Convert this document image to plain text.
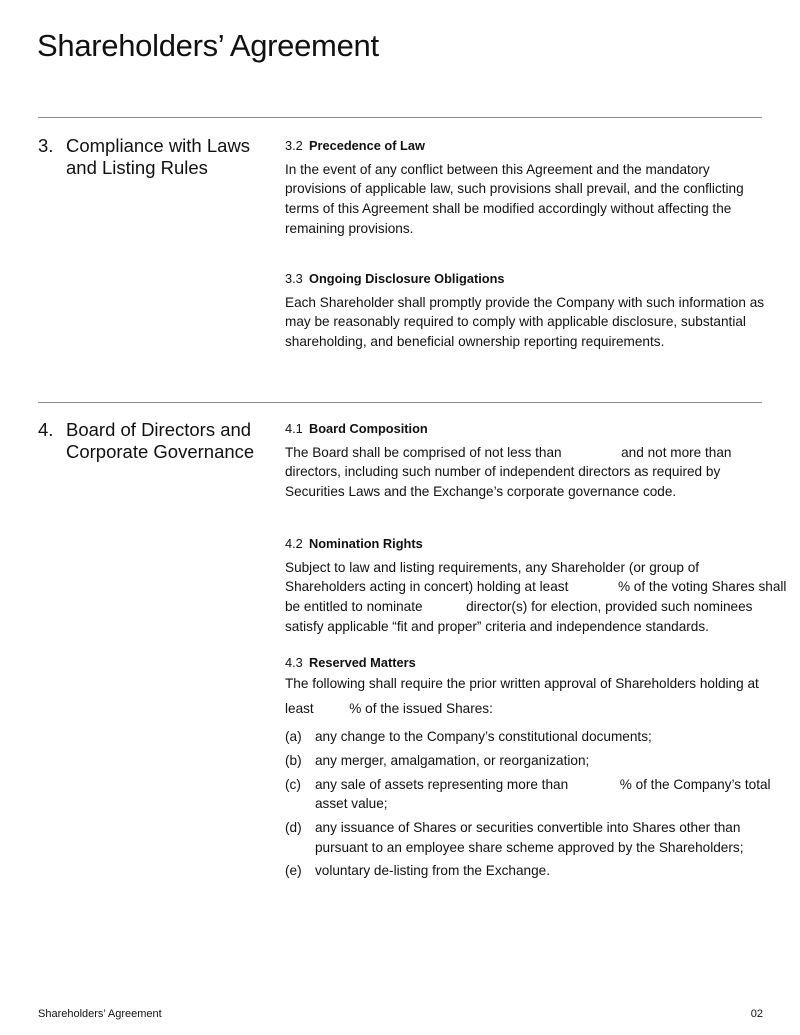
Shareholders’ Agreement
3. Compliance with Laws
and Listing Rules
3.2 Precedence of Law
In the event of any conflict between this Agreement and the mandatory
provisions of applicable law, such provisions shall prevail, and the conflicting
terms of this Agreement shall be modified accordingly without affecting the
remaining provisions.
3.3 Ongoing Disclosure Obligations
Each Shareholder shall promptly provide the Company with such information as
may be reasonably required to comply with applicable disclosure, substantial
shareholding, and beneficial ownership reporting requirements.
4. Board of Directors and
Corporate Governance
4.1 Board Composition
The Board shall be comprised of not less than	and not more than
directors, including such number of independent directors as required by
Securities Laws and the Exchange’s corporate governance code.
4.2 Nomination Rights
Subject to law and listing requirements, any Shareholder (or group of
Shareholders acting in concert) holding at least	% of the voting Shares shall
be entitled to nominate	director(s) for election, provided such nominees
satisfy applicable “fit and proper” criteria and independence standards.
4.3 Reserved Matters
The following shall require the prior written approval of Shareholders holding at
least	% of the issued Shares:
(a) any change to the Company’s constitutional documents;
(b) any merger, amalgamation, or reorganization;
(c)	any sale of assets representing more than	% of the Company’s total
asset value;
(d) any issuance of Shares or securities convertible into Shares other than
pursuant to an employee share scheme approved by the Shareholders;
(e) voluntary de-listing from the Exchange.
Shareholders’ Agreement	02
